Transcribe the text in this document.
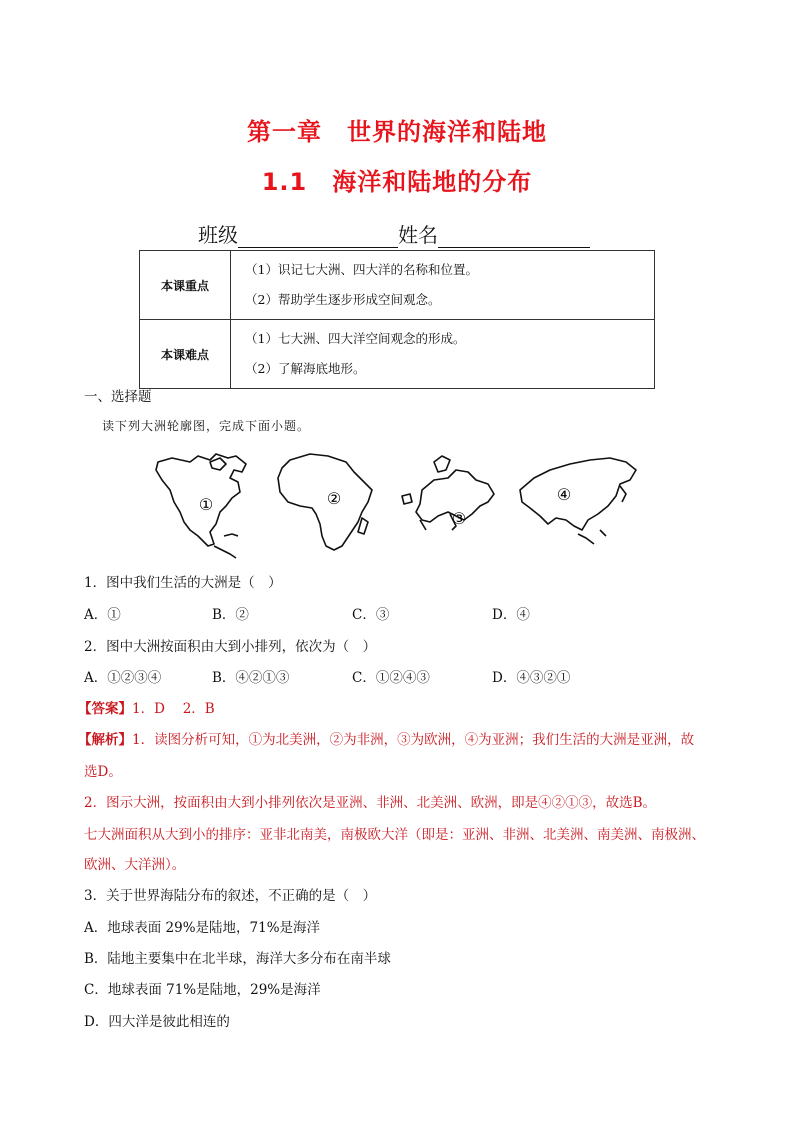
第一章　世界的海洋和陆地
1.1　海洋和陆地的分布
班级	姓名
本课重点	（1）识记七大洲、四大洋的名称和位置。
（2）帮助学生逐步形成空间观念。

本课难点	（1）七大洲、四大洋空间观念的形成。
（2）了解海底地形。
一、选择题
读下列大洲轮廓图，完成下面小题。
①	②
③
④
1．图中我们生活的大洲是（　）
A．①	B．②	C．③	D．④
2．图中大洲按面积由大到小排列，依次为（　）
A．①②③④	B．④②①③	C．①②④③	D．④③②①
【答案】1．D　 2．B
【解析】1．读图分析可知，①为北美洲，②为非洲，③为欧洲，④为亚洲；我们生活的大洲是亚洲，故
选D。
2．图示大洲，按面积由大到小排列依次是亚洲、非洲、北美洲、欧洲，即是④②①③，故选B。
七大洲面积从大到小的排序：亚非北南美，南极欧大洋（即是：亚洲、非洲、北美洲、南美洲、南极洲、
欧洲、大洋洲）。
3．关于世界海陆分布的叙述，不正确的是（　）
A．地球表面 29%是陆地，71%是海洋
B．陆地主要集中在北半球，海洋大多分布在南半球
C．地球表面 71%是陆地，29%是海洋
D．四大洋是彼此相连的
